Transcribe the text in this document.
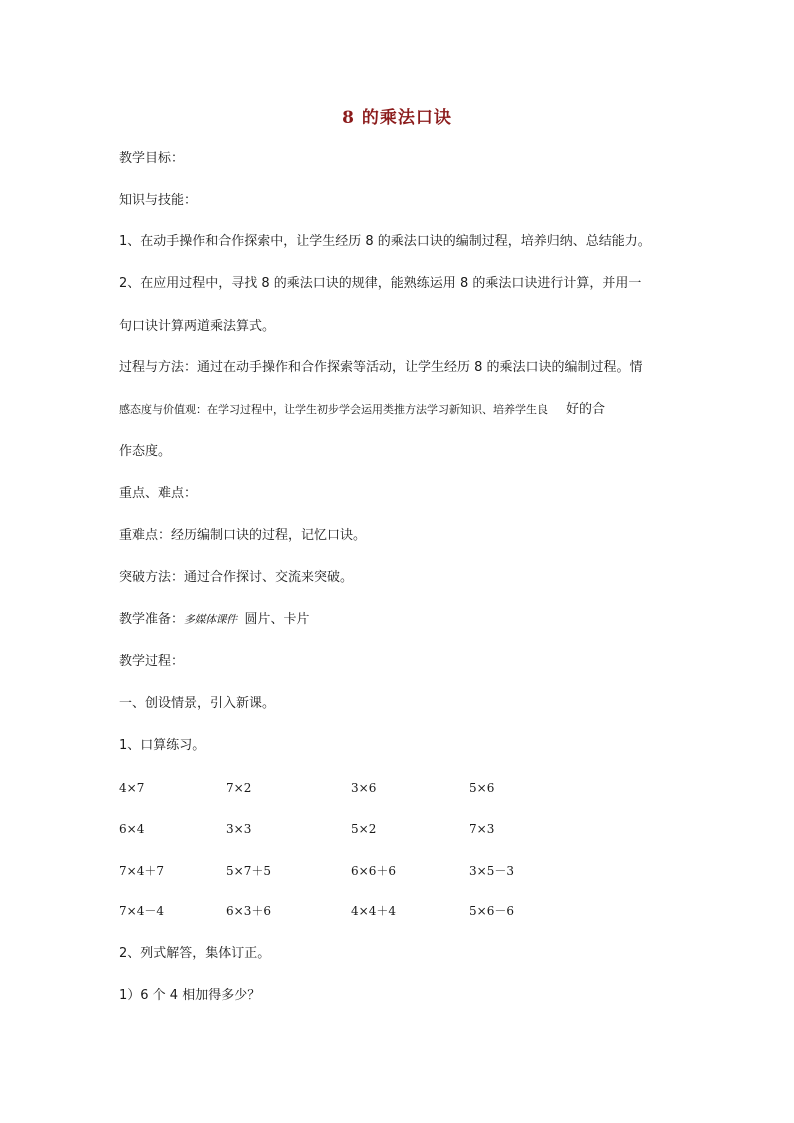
8 的乘法口诀
教学目标：
知识与技能：
1、在动手操作和合作探索中，让学生经历 8 的乘法口诀的编制过程，培养归纳、总结能力。
2、在应用过程中，寻找 8 的乘法口诀的规律，能熟练运用 8 的乘法口诀进行计算，并用一
句口诀计算两道乘法算式。
过程与方法：通过在动手操作和合作探索等活动，让学生经历 8 的乘法口诀的编制过程。情
感态度与价值观：在学习过程中，让学生初步学会运用类推方法学习新知识、培养学生良 好的合
作态度。
重点、难点：
重难点：经历编制口诀的过程，记忆口诀。
突破方法：通过合作探讨、交流来突破。
教学准备：多媒体课件 圆片、卡片
教学过程：
一、创设情景，引入新课。
1、口算练习。
4×7	7×2	3×6	5×6
6×4	3×3	5×2	7×3
7×4＋7	5×7＋5	6×6＋6	3×5－3
7×4－4	6×3＋6	4×4＋4	5×6－6
2、列式解答，集体订正。
1）6 个 4 相加得多少？
